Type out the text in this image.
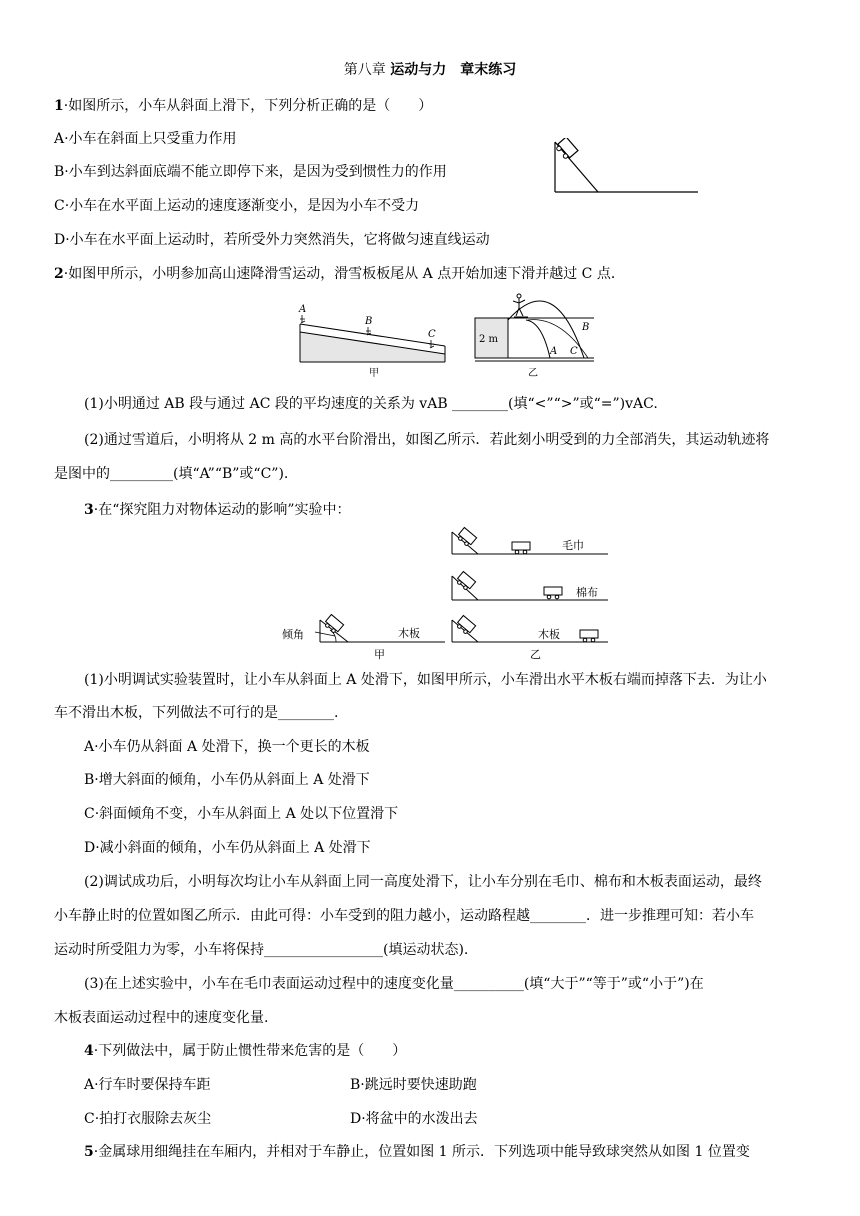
第八章 运动与力　章末练习
1·如图所示，小车从斜面上滑下，下列分析正确的是（　　）
A·小车在斜面上只受重力作用
B·小车到达斜面底端不能立即停下来，是因为受到惯性力的作用
C·小车在水平面上运动的速度逐渐变小，是因为小车不受力
D·小车在水平面上运动时，若所受外力突然消失，它将做匀速直线运动
2·如图甲所示，小明参加高山速降滑雪运动，滑雪板板尾从 A 点开始加速下滑并越过 C 点．
A
B
C
甲
2 m
B
A C
乙
(1)小明通过 AB 段与通过 AC 段的平均速度的关系为 vAB ________(填“<”“>”或“=”)vAC.
(2)通过雪道后，小明将从 2 m 高的水平台阶滑出，如图乙所示．若此刻小明受到的力全部消失，其运动轨迹将
是图中的_________(填“A”“B”或“C”).
3·在“探究阻力对物体运动的影响”实验中：
毛巾
棉布
倾角	木板
甲
木板
乙
(1)小明调试实验装置时，让小车从斜面上 A 处滑下，如图甲所示，小车滑出水平木板右端而掉落下去．为让小
车不滑出木板，下列做法不可行的是________.
A·小车仍从斜面 A 处滑下，换一个更长的木板
B·增大斜面的倾角，小车仍从斜面上 A 处滑下
C·斜面倾角不变，小车从斜面上 A 处以下位置滑下
D·减小斜面的倾角，小车仍从斜面上 A 处滑下
(2)调试成功后，小明每次均让小车从斜面上同一高度处滑下，让小车分别在毛巾、棉布和木板表面运动，最终
小车静止时的位置如图乙所示．由此可得：小车受到的阻力越小，运动路程越________．进一步推理可知：若小车
运动时所受阻力为零，小车将保持_________________(填运动状态).
(3)在上述实验中，小车在毛巾表面运动过程中的速度变化量__________(填“大于”“等于”或“小于”)在
木板表面运动过程中的速度变化量.
4·下列做法中，属于防止惯性带来危害的是（　　）
A·行车时要保持车距	B·跳远时要快速助跑
C·拍打衣服除去灰尘	D·将盆中的水泼出去
5·金属球用细绳挂在车厢内，并相对于车静止，位置如图 1 所示．下列选项中能导致球突然从如图 1 位置变
